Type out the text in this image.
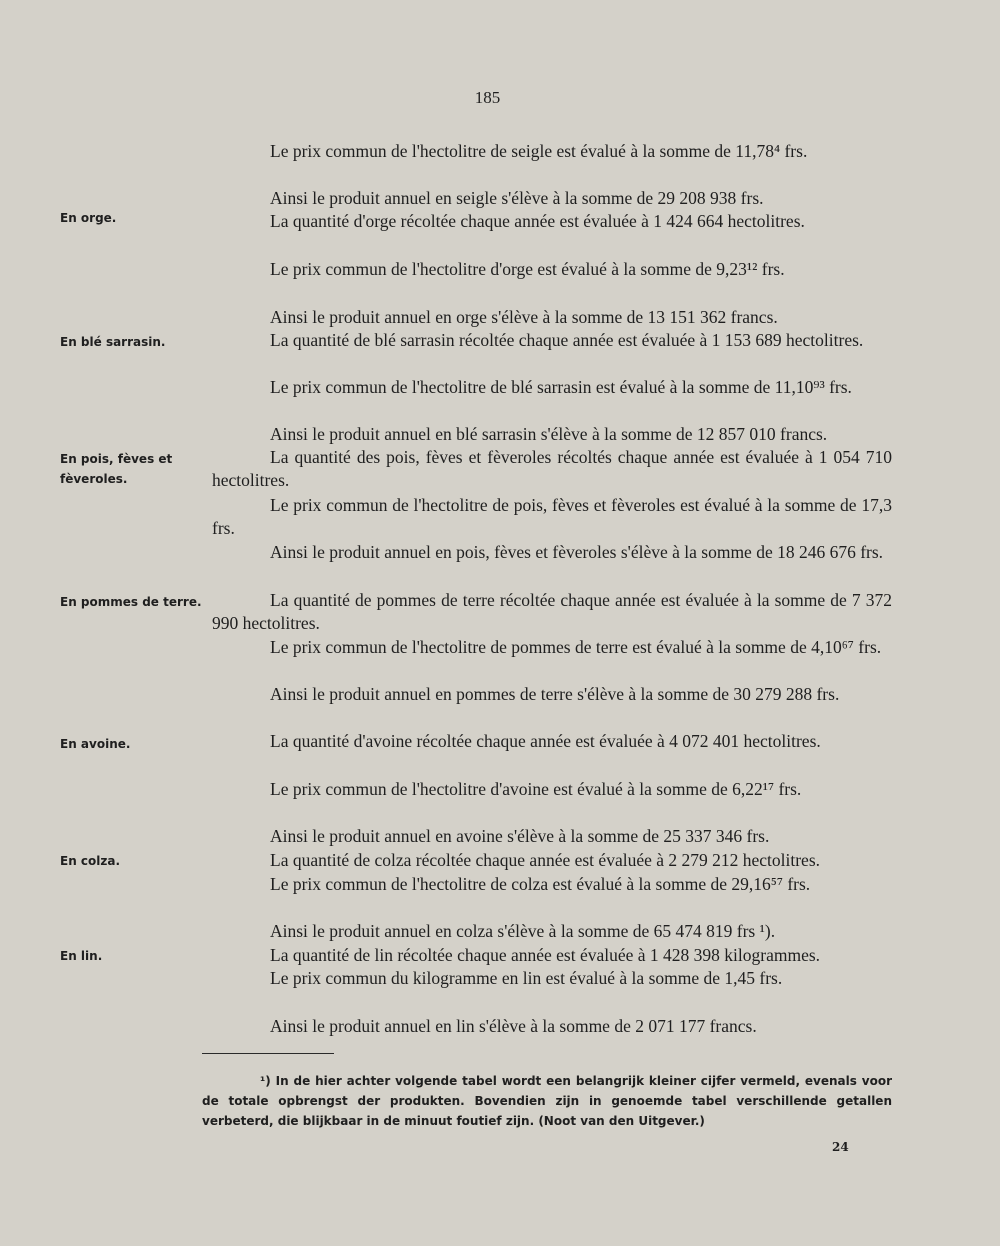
185
En orge.
En blé sarrasin.
En pois, fèves et fèveroles.
En pommes de terre.
En avoine.
En colza.
En lin.
Le prix commun de l'hectolitre de seigle est évalué à la somme de 11,78⁴ frs.
Ainsi le produit annuel en seigle s'élève à la somme de 29 208 938 frs.
La quantité d'orge récoltée chaque année est évaluée à 1 424 664 hectolitres.
Le prix commun de l'hectolitre d'orge est évalué à la somme de 9,23¹² frs.
Ainsi le produit annuel en orge s'élève à la somme de 13 151 362 francs.
La quantité de blé sarrasin récoltée chaque année est évaluée à 1 153 689 hectolitres.
Le prix commun de l'hectolitre de blé sarrasin est évalué à la somme de 11,10⁹³ frs.
Ainsi le produit annuel en blé sarrasin s'élève à la somme de 12 857 010 francs.
La quantité des pois, fèves et fèveroles récoltés chaque année est évaluée à 1 054 710 hectolitres.
Le prix commun de l'hectolitre de pois, fèves et fèveroles est évalué à la somme de 17,3 frs.
Ainsi le produit annuel en pois, fèves et fèveroles s'élève à la somme de 18 246 676 frs.
La quantité de pommes de terre récoltée chaque année est évaluée à la somme de 7 372 990 hectolitres.
Le prix commun de l'hectolitre de pommes de terre est évalué à la somme de 4,10⁶⁷ frs.
Ainsi le produit annuel en pommes de terre s'élève à la somme de 30 279 288 frs.
La quantité d'avoine récoltée chaque année est évaluée à 4 072 401 hectolitres.
Le prix commun de l'hectolitre d'avoine est évalué à la somme de 6,22¹⁷ frs.
Ainsi le produit annuel en avoine s'élève à la somme de 25 337 346 frs.
La quantité de colza récoltée chaque année est évaluée à 2 279 212 hectolitres.
Le prix commun de l'hectolitre de colza est évalué à la somme de 29,16⁵⁷ frs.
Ainsi le produit annuel en colza s'élève à la somme de 65 474 819 frs ¹).
La quantité de lin récoltée chaque année est évaluée à 1 428 398 kilogrammes.
Le prix commun du kilogramme en lin est évalué à la somme de 1,45 frs.
Ainsi le produit annuel en lin s'élève à la somme de 2 071 177 francs.
¹) In de hier achter volgende tabel wordt een belangrijk kleiner cijfer vermeld, evenals voor de totale opbrengst der produkten. Bovendien zijn in genoemde tabel verschillende getallen verbeterd, die blijkbaar in de minuut foutief zijn. (Noot van den Uitgever.)
24
